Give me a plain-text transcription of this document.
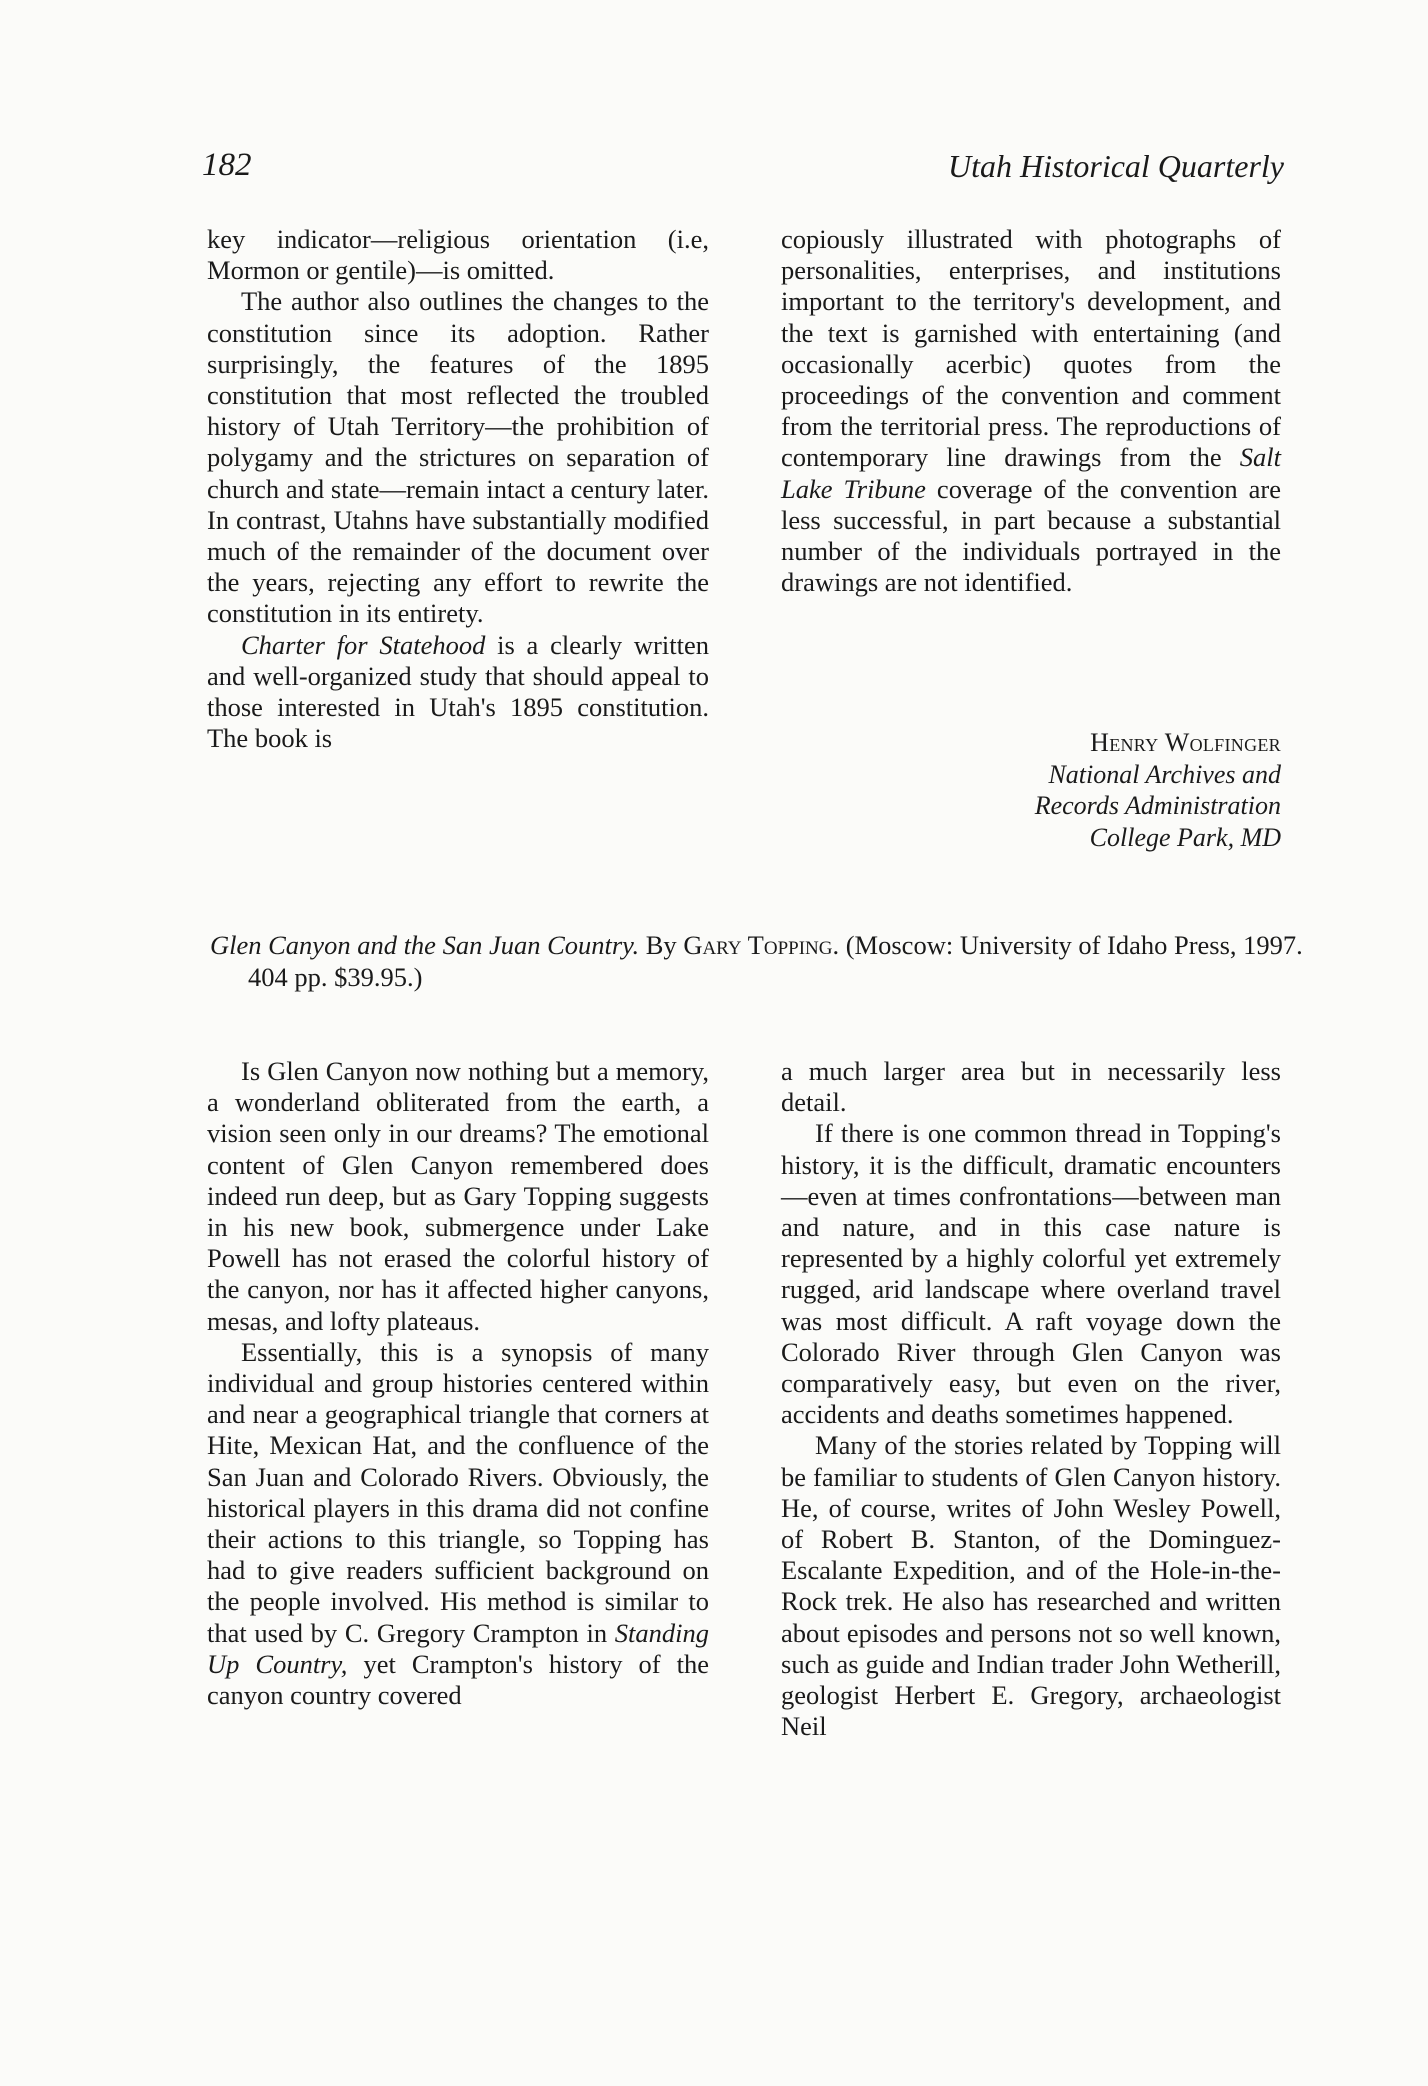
182	Utah Historical Quarterly

key indicator—religious orientation (i.e, Mormon or gentile)—is omitted.

The author also outlines the changes to the constitution since its adoption. Rather surprisingly, the features of the 1895 constitution that most reflected the troubled history of Utah Territory—the prohibition of polygamy and the strictures on separation of church and state—remain intact a century later. In contrast, Utahns have substantially modified much of the remainder of the document over the years, rejecting any effort to rewrite the constitution in its entirety.

Charter for Statehood is a clearly written and well-organized study that should appeal to those interested in Utah's 1895 constitution. The book is

copiously illustrated with photographs of personalities, enterprises, and institutions important to the territory's development, and the text is garnished with entertaining (and occasionally acerbic) quotes from the proceedings of the convention and comment from the territorial press. The reproductions of contemporary line drawings from the Salt Lake Tribune coverage of the convention are less successful, in part because a substantial number of the individuals portrayed in the drawings are not identified.

Henry Wolfinger
National Archives and
Records Administration
College Park, MD
Glen Canyon and the San Juan Country. By Gary Topping. (Moscow: University of Idaho Press, 1997. 404 pp. $39.95.)

Is Glen Canyon now nothing but a memory, a wonderland obliterated from the earth, a vision seen only in our dreams? The emotional content of Glen Canyon remembered does indeed run deep, but as Gary Topping suggests in his new book, submergence under Lake Powell has not erased the colorful history of the canyon, nor has it affected higher canyons, mesas, and lofty plateaus.

Essentially, this is a synopsis of many individual and group histories centered within and near a geographical triangle that corners at Hite, Mexican Hat, and the confluence of the San Juan and Colorado Rivers. Obviously, the historical players in this drama did not confine their actions to this triangle, so Topping has had to give readers sufficient background on the people involved. His method is similar to that used by C. Gregory Crampton in Standing Up Country, yet Crampton's history of the canyon country covered

a much larger area but in necessarily less detail.

If there is one common thread in Topping's history, it is the difficult, dramatic encounters—even at times confrontations—between man and nature, and in this case nature is represented by a highly colorful yet extremely rugged, arid landscape where overland travel was most difficult. A raft voyage down the Colorado River through Glen Canyon was comparatively easy, but even on the river, accidents and deaths sometimes happened.

Many of the stories related by Topping will be familiar to students of Glen Canyon history. He, of course, writes of John Wesley Powell, of Robert B. Stanton, of the Dominguez-Escalante Expedition, and of the Hole-in-the-Rock trek. He also has researched and written about episodes and persons not so well known, such as guide and Indian trader John Wetherill, geologist Herbert E. Gregory, archaeologist Neil
